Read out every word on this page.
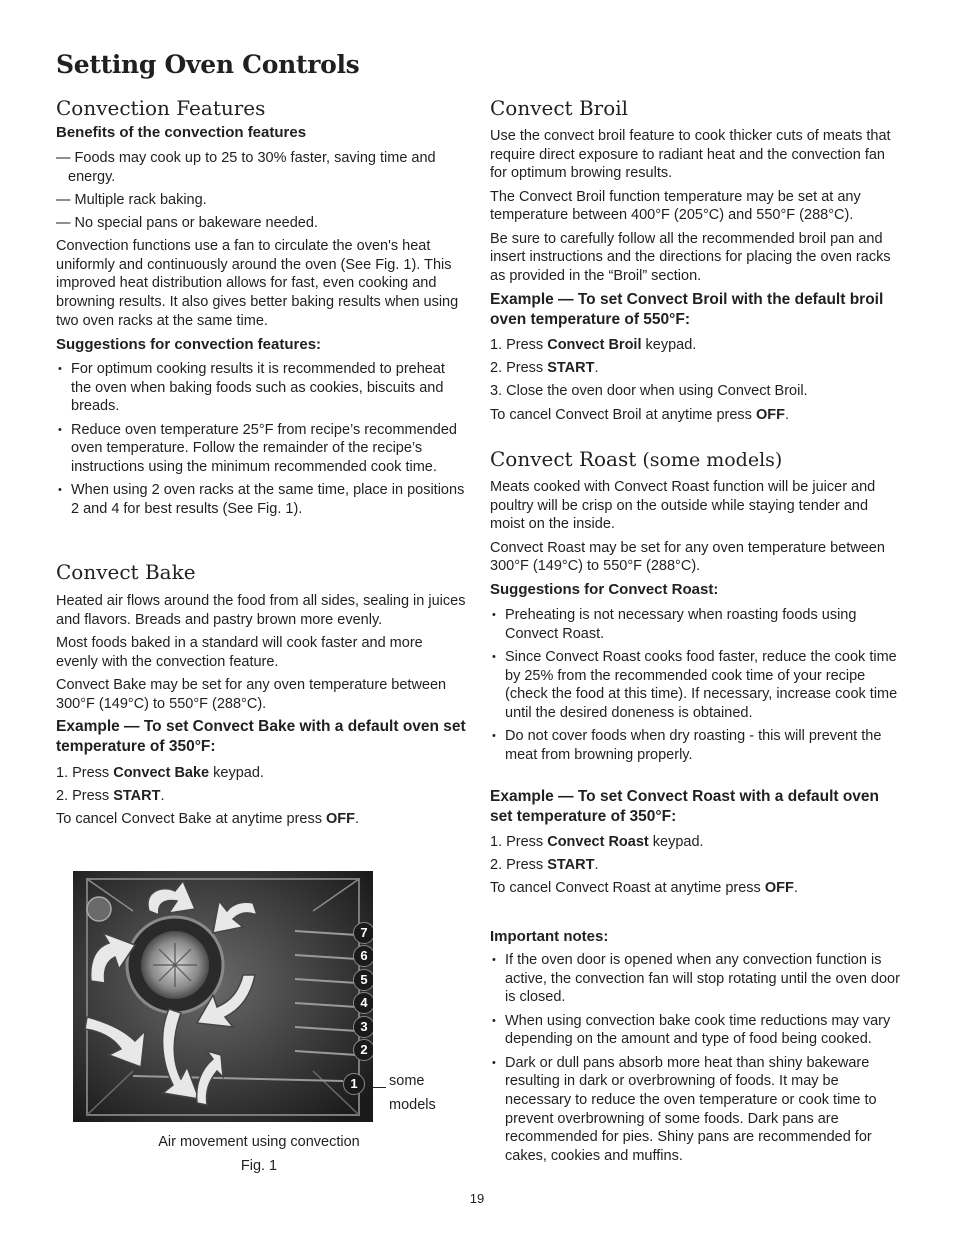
Setting Oven Controls
Convection Features
Benefits of the convection features

— Foods may cook up to 25 to 30% faster, saving time and energy.

— Multiple rack baking.

— No special pans or bakeware needed.

Convection functions use a fan to circulate the oven's heat uniformly and continuously around the oven (See Fig. 1). This improved heat distribution allows for fast, even cooking and browning results. It also gives better baking results when using two oven racks at the same time.

Suggestions for convection features:
• For optimum cooking results it is recommended to preheat the oven when baking foods such as cookies, biscuits and breads.
• Reduce oven temperature 25°F from recipe’s recommended oven temperature. Follow the remainder of the recipe’s instructions using the minimum recommended cook time.
• When using 2 oven racks at the same time, place in positions 2 and 4 for best results (See Fig. 1).
Convect Bake

Heated air flows around the food from all sides, sealing in juices and flavors. Breads and pastry brown more evenly.

Most foods baked in a standard will cook faster and more evenly with the convection feature.

Convect Bake may be set for any oven temperature between 300°F (149°C) to 550°F (288°C).

Example — To set Convect Bake with a default oven set temperature of 350°F:

1. Press Convect Bake keypad.

2. Press START.

To cancel Convect Bake at anytime press OFF.

7
6
5
4
3
2
1	some
models
Air movement using convection
Fig. 1
Convect Broil

Use the convect broil feature to cook thicker cuts of meats that require direct exposure to radiant heat and the convection fan for optimum browing results.

The Convect Broil function temperature may be set at any temperature between 400°F (205°C) and 550°F (288°C).

Be sure to carefully follow all the recommended broil pan and insert instructions and the directions for placing the oven racks as provided in the “Broil” section.

Example — To set Convect Broil with the default broil oven temperature of 550°F:

1. Press Convect Broil keypad.

2. Press START.

3. Close the oven door when using Convect Broil.

To cancel Convect Broil at anytime press OFF.

Convect Roast (some models)

Meats cooked with Convect Roast function will be juicer and poultry will be crisp on the outside while staying tender and moist on the inside.

Convect Roast may be set for any oven temperature between 300°F (149°C) to 550°F (288°C).

Suggestions for Convect Roast:
• Preheating is not necessary when roasting foods using Convect Roast.
• Since Convect Roast cooks food faster, reduce the cook time by 25% from the recommended cook time of your recipe (check the food at this time). If necessary, increase cook time until the desired doneness is obtained.
• Do not cover foods when dry roasting - this will prevent the meat from browning properly.
Example — To set Convect Roast with a default oven set temperature of 350°F:

1. Press Convect Roast keypad.

2. Press START.

To cancel Convect Roast at anytime press OFF.

Important notes:
• If the oven door is opened when any convection function is active, the convection fan will stop rotating until the oven door is closed.
• When using convection bake cook time reductions may vary depending on the amount and type of food being cooked.
• Dark or dull pans absorb more heat than shiny bakeware resulting in dark or overbrowning of foods. It may be necessary to reduce the oven temperature or cook time to prevent overbrowning of some foods. Dark pans are recommended for pies. Shiny pans are recommended for cakes, cookies and muffins.
19
